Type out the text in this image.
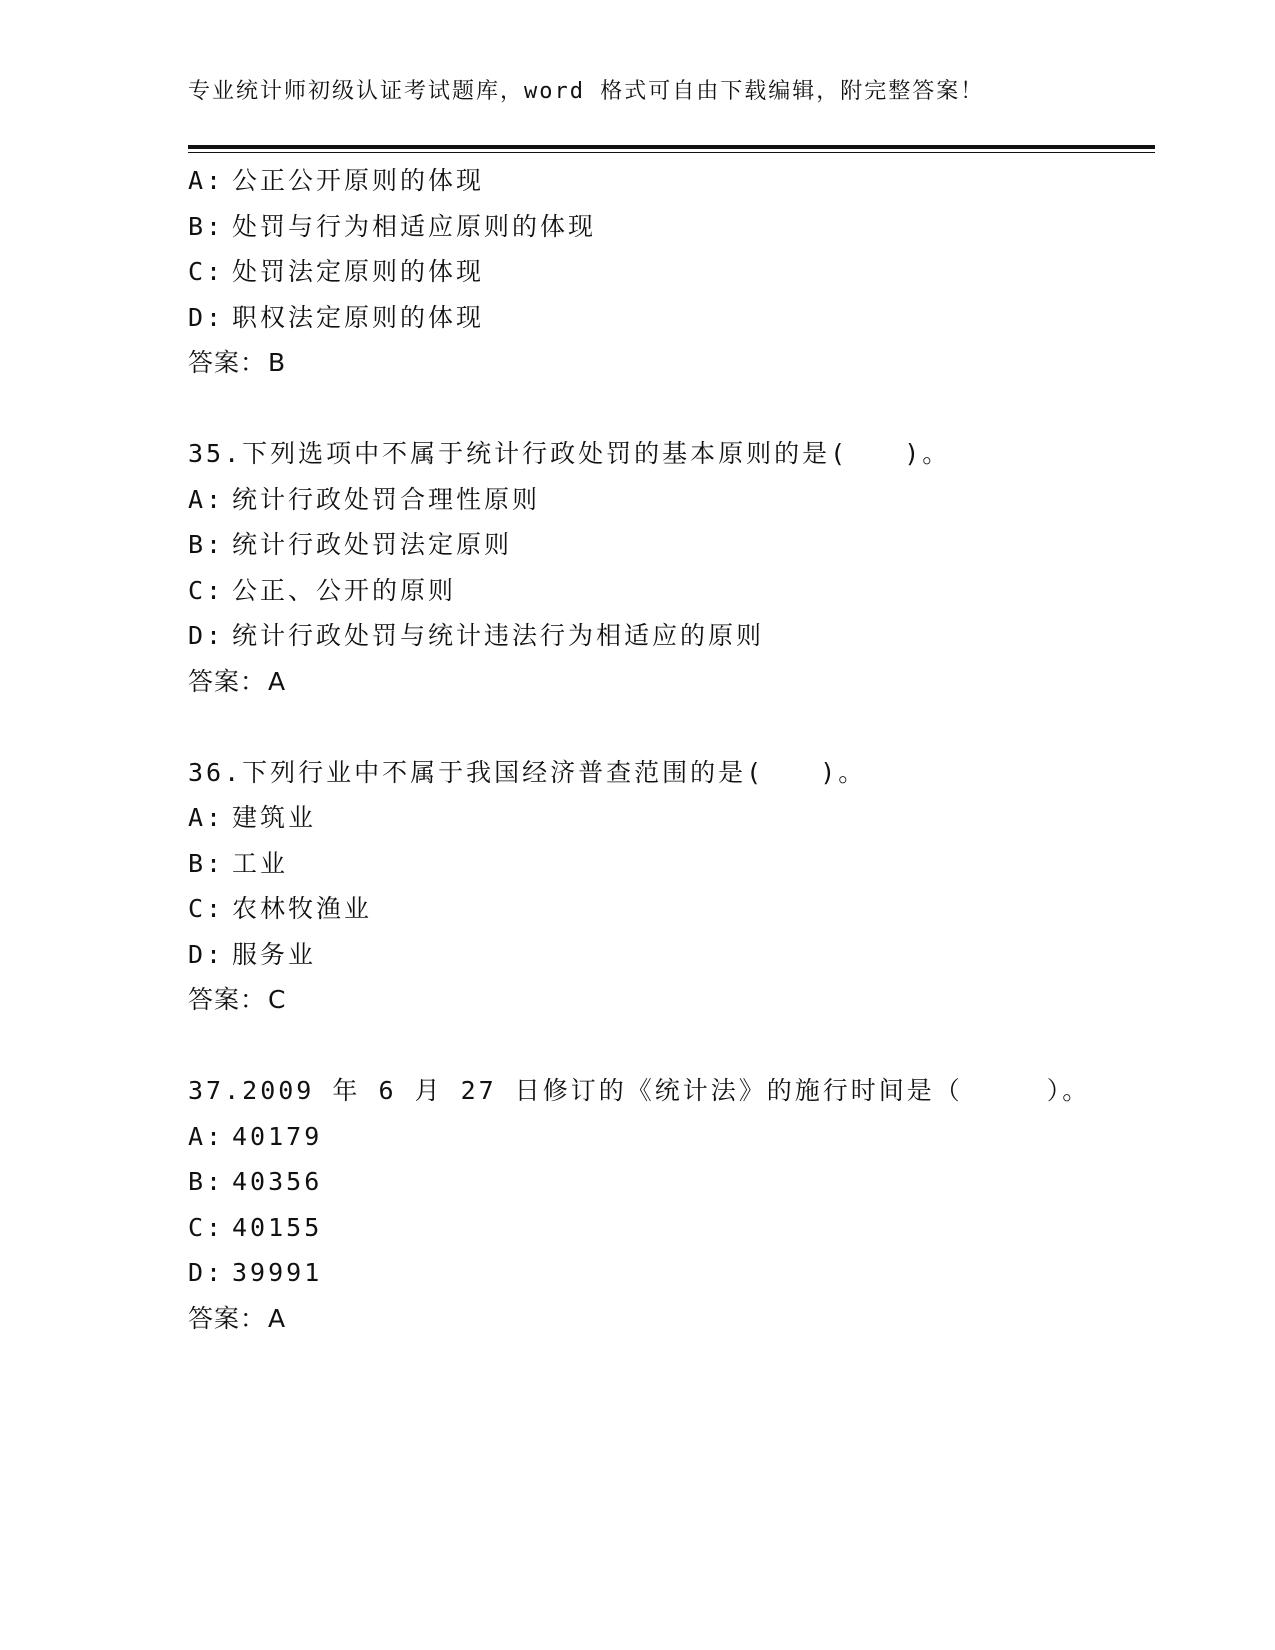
专业统计师初级认证考试题库，word 格式可自由下载编辑，附完整答案！
A: 公正公开原则的体现
B: 处罚与行为相适应原则的体现
C: 处罚法定原则的体现
D: 职权法定原则的体现
答案： B
35.下列选项中不属于统计行政处罚的基本原则的是(　　)。
A: 统计行政处罚合理性原则
B: 统计行政处罚法定原则
C: 公正、公开的原则
D: 统计行政处罚与统计违法行为相适应的原则
答案： A
36.下列行业中不属于我国经济普查范围的是(　　)。
A: 建筑业
B: 工业
C: 农林牧渔业
D: 服务业
答案： C
37.2009 年 6 月 27 日修订的《统计法》的施行时间是（　　　）。
A: 40179
B: 40356
C: 40155
D: 39991
答案： A
